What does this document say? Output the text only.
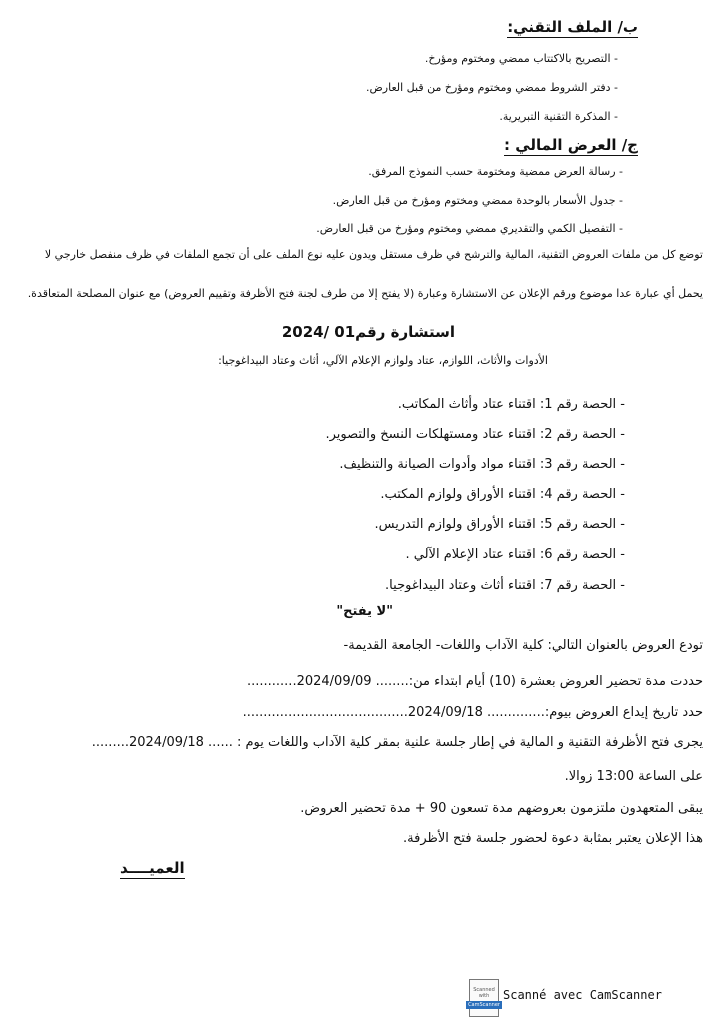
ب/ الملف التقني:
- التصريح بالاكتتاب ممضي ومختوم ومؤرخ.
- دفتر الشروط ممضي ومختوم ومؤرخ من قبل العارض.
- المذكرة التقنية التبريرية.
ج/ العرض المالي :
- رسالة العرض ممضية ومختومة حسب النموذج المرفق.
- جدول الأسعار بالوحدة ممضي ومختوم ومؤرخ من قبل العارض.
- التفصيل الكمي والتقديري ممضي ومختوم ومؤرخ من قبل العارض.
توضع كل من ملفات العروض التقنية، المالية والترشح في ظرف مستقل ويدون عليه نوع الملف على أن تجمع الملفات في ظرف منفصل خارجي لا
يحمل أي عبارة عدا موضوع ورقم الإعلان عن الاستشارة وعبارة (لا يفتح إلا من طرف لجنة فتح الأظرفة وتقييم العروض) مع عنوان المصلحة المتعاقدة.
استشارة رقم01 /2024
الأدوات والأثاث، اللوازم، عتاد ولوازم الإعلام الآلي، أثاث وعتاد البيداغوجيا:
- الحصة رقم 1: اقتناء عتاد وأثاث المكاتب.
- الحصة رقم 2: اقتناء عتاد ومستهلكات النسخ والتصوير.
- الحصة رقم 3: اقتناء مواد وأدوات الصيانة والتنظيف.
- الحصة رقم 4: اقتناء الأوراق ولوازم المكتب.
- الحصة رقم 5: اقتناء الأوراق ولوازم التدريس.
- الحصة رقم 6: اقتناء عتاد الإعلام الآلي .
- الحصة رقم 7: اقتناء أثاث وعتاد البيداغوجيا.
"لا يفتح"
تودع العروض بالعنوان التالي: كلية الآداب واللغات- الجامعة القديمة-
حددت مدة تحضير العروض بعشرة (10) أيام ابتداء من:........ 2024/09/09............
حدد تاريخ إيداع العروض بيوم:.............. 2024/09/18........................................
يجرى فتح الأظرفة التقنية و المالية في إطار جلسة علنية بمقر كلية الآداب واللغات يوم : ...... 2024/09/18.........
على الساعة 13:00 زوالا.
يبقى المتعهدون ملتزمون بعروضهم مدة تسعون 90 + مدة تحضير العروض.
هذا الإعلان يعتبر بمثابة دعوة لحضور جلسة فتح الأظرفة.
العميــــد
Scanned with
CamScanner
Scanné avec CamScanner
